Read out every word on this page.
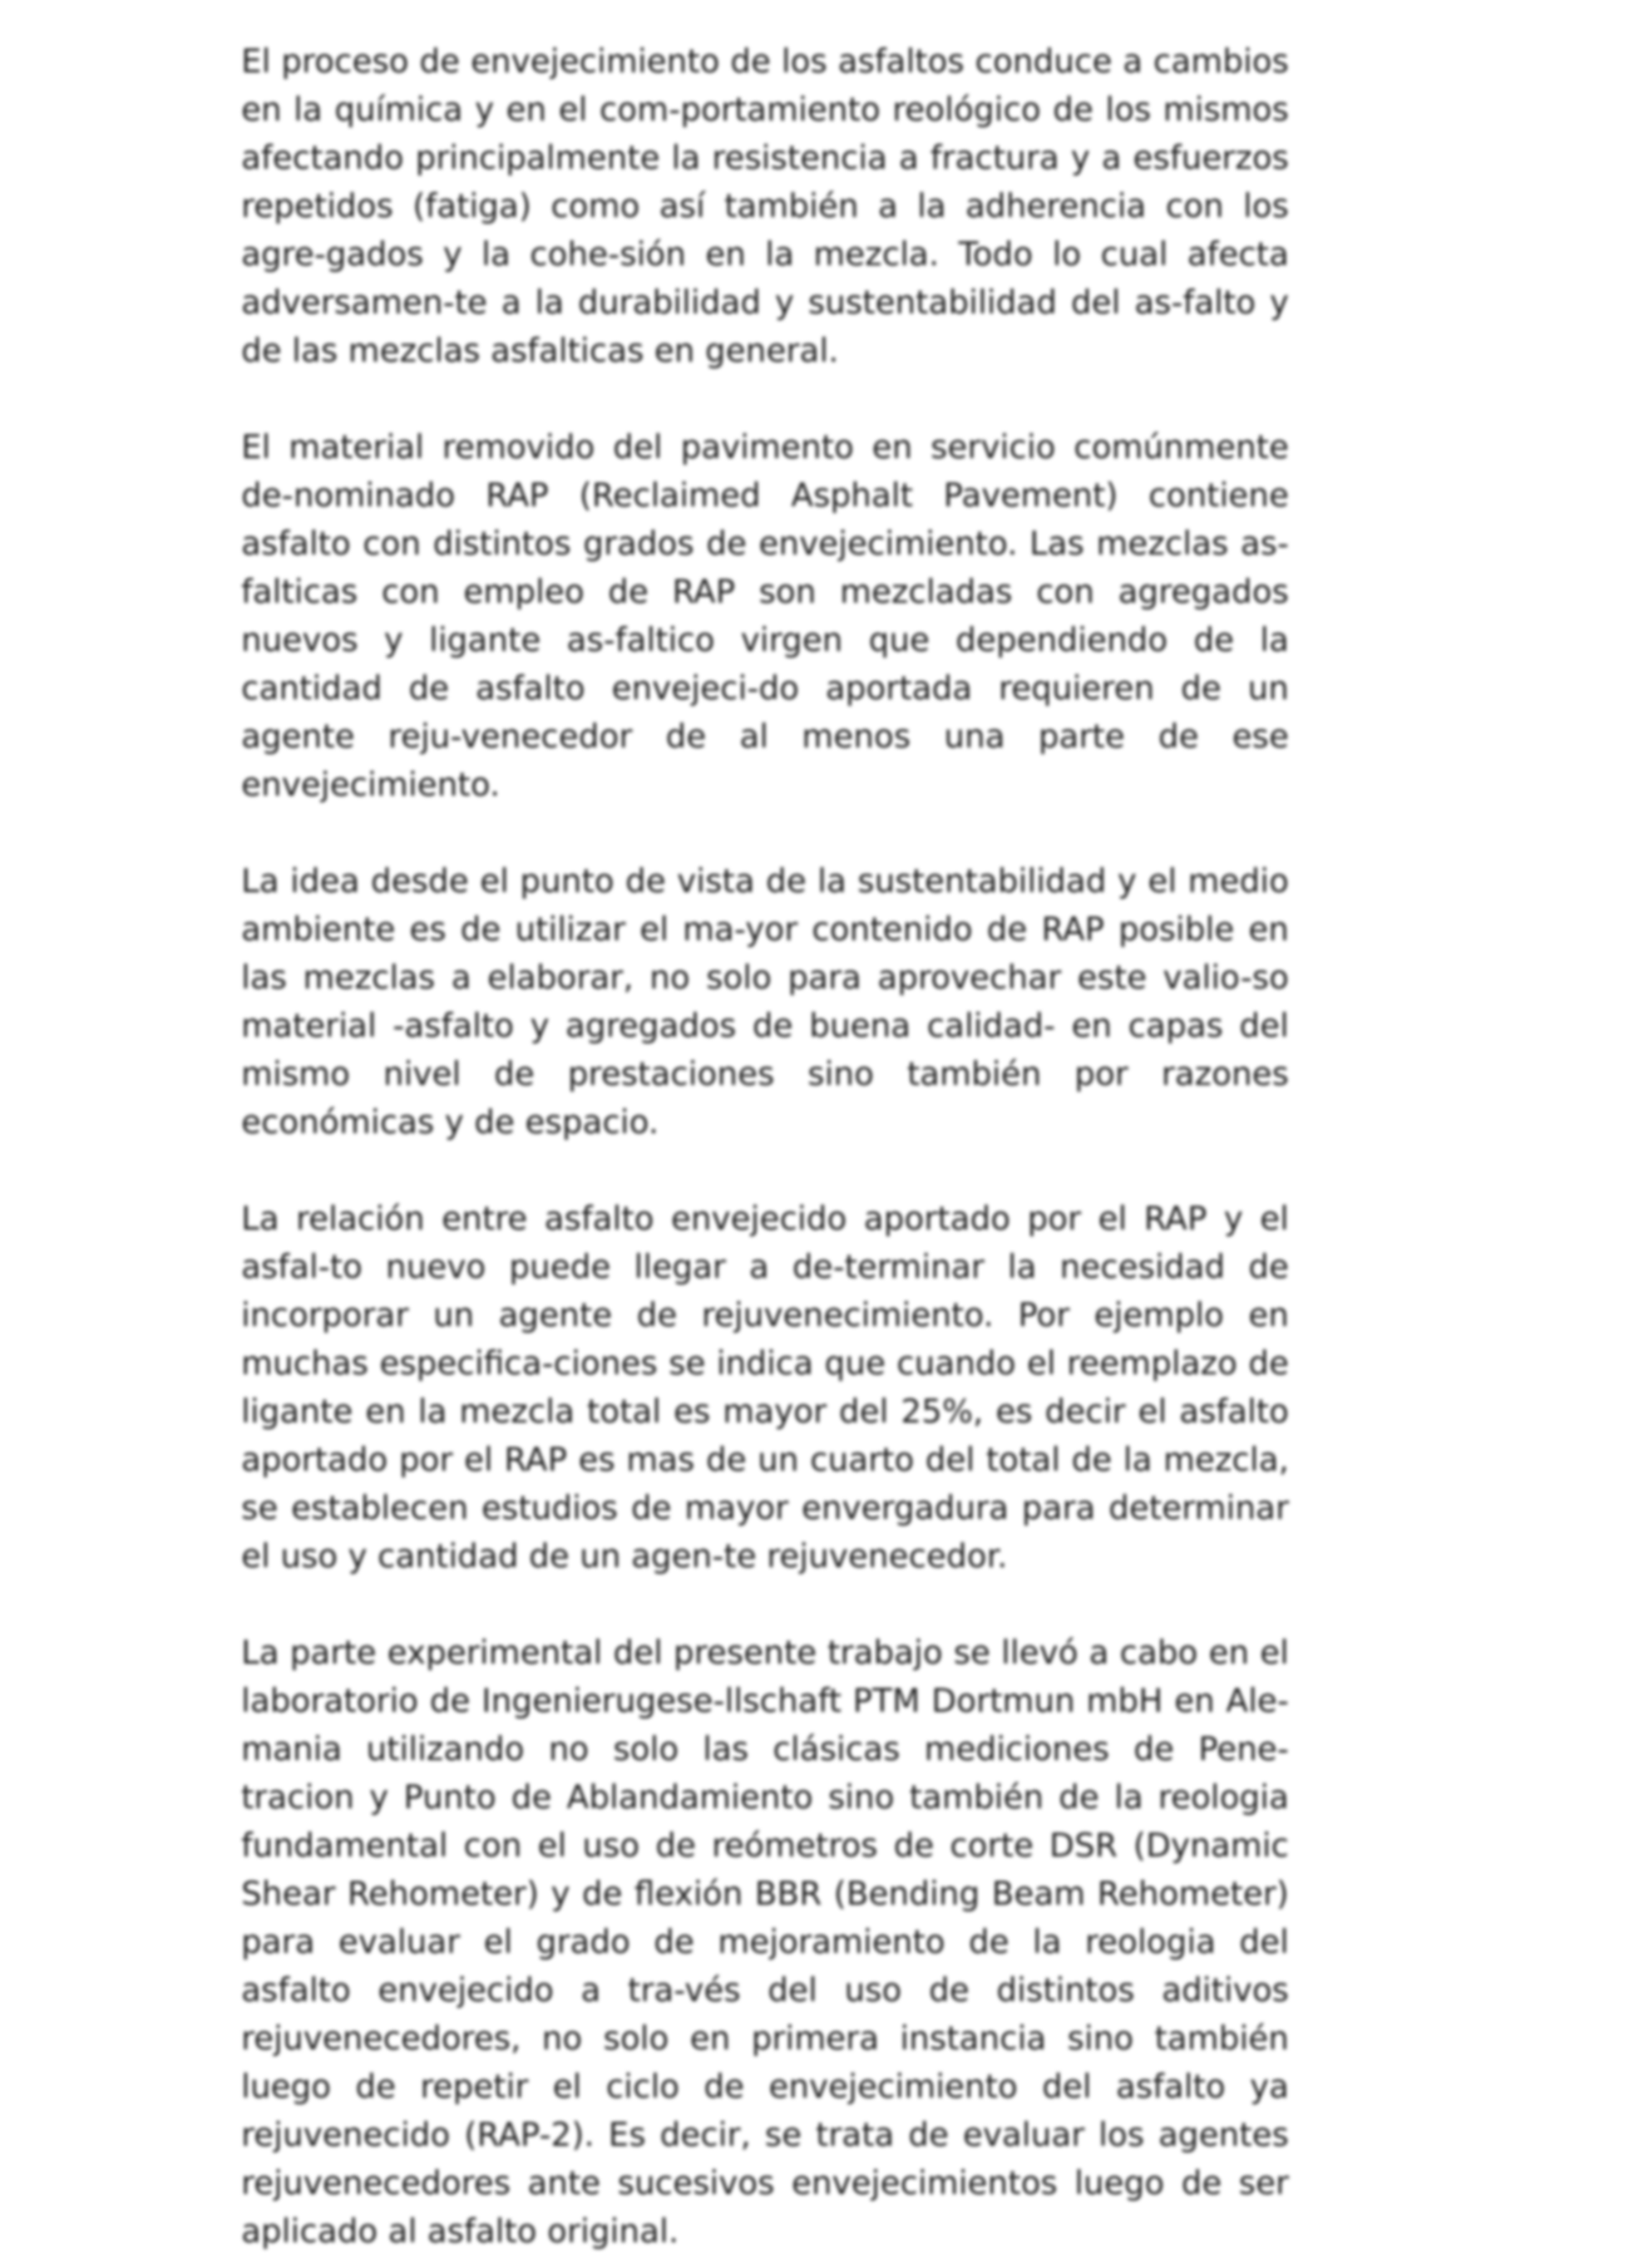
El proceso de envejecimiento de los asfaltos conduce a cambios en la química y en el com-portamiento reológico de los mismos afectando principalmente la resistencia a fractura y a esfuerzos repetidos (fatiga) como así también a la adherencia con los agre-gados y la cohe-sión en la mezcla. Todo lo cual afecta adversamen-te a la durabilidad y sustentabilidad del as-falto y de las mezclas asfalticas en general.

El material removido del pavimento en servicio comúnmente de-nominado RAP (Reclaimed Asphalt Pavement) contiene asfalto con distintos grados de envejecimiento. Las mezclas as-falticas con empleo de RAP son mezcladas con agregados nuevos y ligante as-faltico virgen que dependiendo de la cantidad de asfalto envejeci-do aportada requieren de un agente reju-venecedor de al menos una parte de ese envejecimiento.

La idea desde el punto de vista de la sustentabilidad y el medio ambiente es de utilizar el ma-yor contenido de RAP posible en las mezclas a elaborar, no solo para aprovechar este valio-so material -asfalto y agregados de buena calidad- en capas del mismo nivel de prestaciones sino también por razones económicas y de espacio.

La relación entre asfalto envejecido aportado por el RAP y el asfal-to nuevo puede llegar a de-terminar la necesidad de incorporar un agente de rejuvenecimiento. Por ejemplo en muchas especifica-ciones se indica que cuando el reemplazo de ligante en la mezcla total es mayor del 25%, es decir el asfalto aportado por el RAP es mas de un cuarto del total de la mezcla, se establecen estudios de mayor envergadura para determinar el uso y cantidad de un agen-te rejuvenecedor.

La parte experimental del presente trabajo se llevó a cabo en el laboratorio de Ingenierugese-llschaft PTM Dortmun mbH en Ale-mania utilizando no solo las clásicas mediciones de Pene-tracion y Punto de Ablandamiento sino también de la reologia fundamental con el uso de reómetros de corte DSR (Dynamic Shear Rehometer) y de flexión BBR (Bending Beam Rehometer) para evaluar el grado de mejoramiento de la reologia del asfalto envejecido a tra-vés del uso de distintos aditivos rejuvenecedores, no solo en primera instancia sino también luego de repetir el ciclo de envejecimiento del asfalto ya rejuvenecido (RAP-2). Es decir, se trata de evaluar los agentes rejuvenecedores ante sucesivos envejecimientos luego de ser aplicado al asfalto original.
